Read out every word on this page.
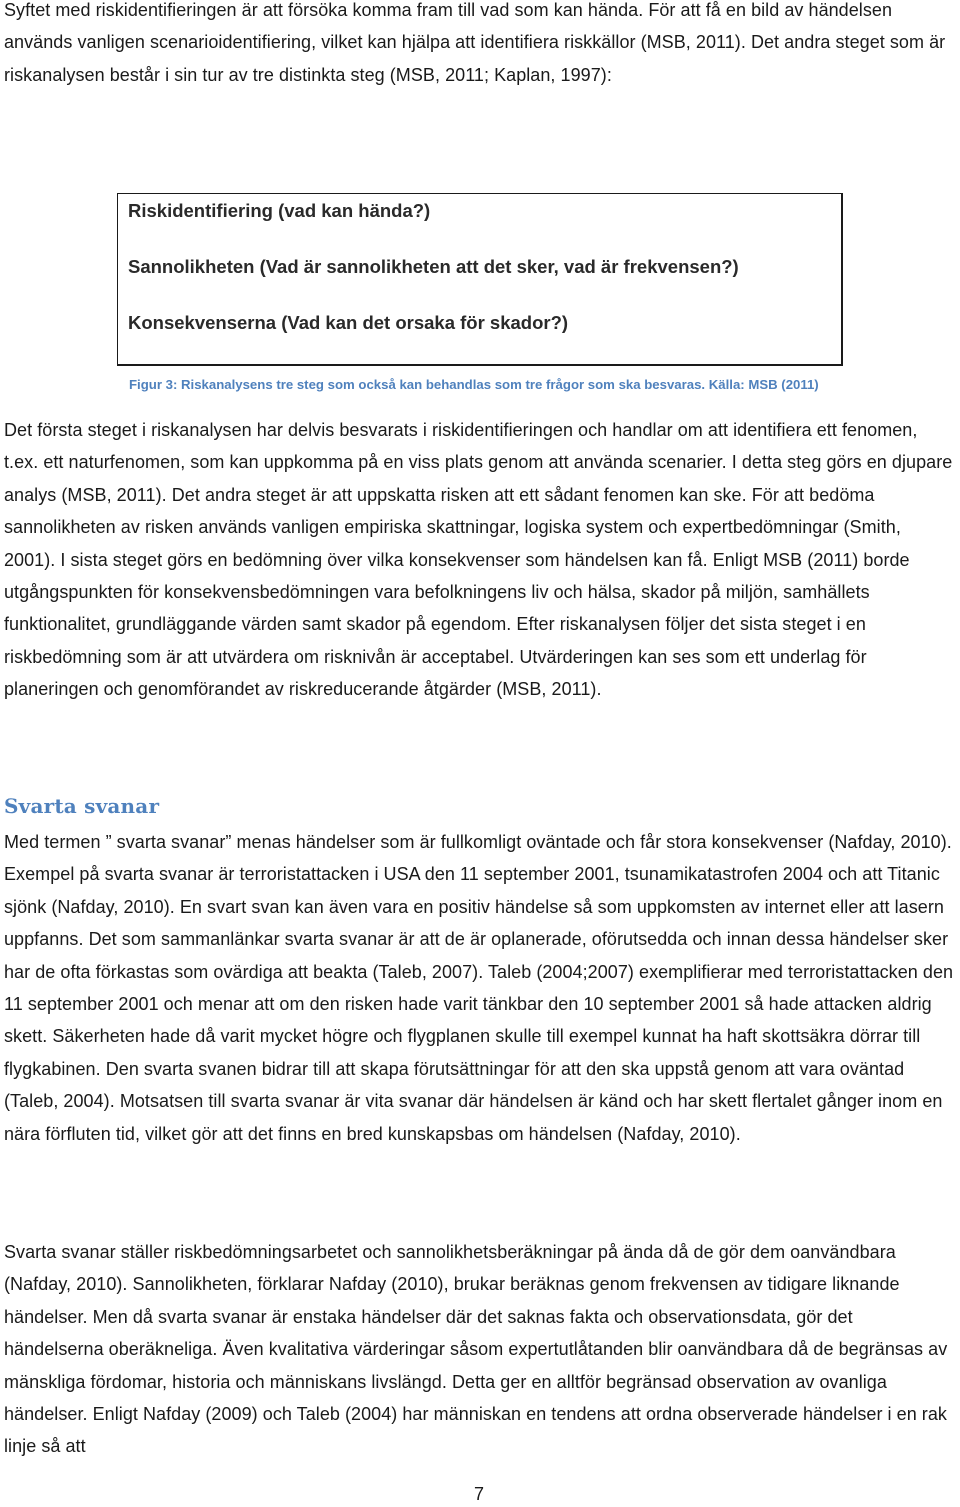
Syftet med riskidentifieringen är att försöka komma fram till vad som kan hända. För att få en bild av händelsen används vanligen scenarioidentifiering, vilket kan hjälpa att identifiera riskkällor (MSB, 2011). Det andra steget som är riskanalysen består i sin tur av tre distinkta steg (MSB, 2011; Kaplan, 1997):

Riskidentifiering (vad kan hända?)

Sannolikheten (Vad är sannolikheten att det sker, vad är frekvensen?)

Konsekvenserna (Vad kan det orsaka för skador?)

Figur 3: Riskanalysens tre steg som också kan behandlas som tre frågor som ska besvaras. Källa: MSB (2011)

Det första steget i riskanalysen har delvis besvarats i riskidentifieringen och handlar om att identifiera ett fenomen, t.ex. ett naturfenomen, som kan uppkomma på en viss plats genom att använda scenarier. I detta steg görs en djupare analys (MSB, 2011). Det andra steget är att uppskatta risken att ett sådant fenomen kan ske. För att bedöma sannolikheten av risken används vanligen empiriska skattningar, logiska system och expertbedömningar (Smith, 2001). I sista steget görs en bedömning över vilka konsekvenser som händelsen kan få. Enligt MSB (2011) borde utgångspunkten för konsekvensbedömningen vara befolkningens liv och hälsa, skador på miljön, samhällets funktionalitet, grundläggande värden samt skador på egendom. Efter riskanalysen följer det sista steget i en riskbedömning som är att utvärdera om risknivån är acceptabel. Utvärderingen kan ses som ett underlag för planeringen och genomförandet av riskreducerande åtgärder (MSB, 2011).

Svarta svanar

Med termen ” svarta svanar” menas händelser som är fullkomligt oväntade och får stora konsekvenser (Nafday, 2010). Exempel på svarta svanar är terroristattacken i USA den 11 september 2001, tsunamikatastrofen 2004 och att Titanic sjönk (Nafday, 2010). En svart svan kan även vara en positiv händelse så som uppkomsten av internet eller att lasern uppfanns. Det som sammanlänkar svarta svanar är att de är oplanerade, oförutsedda och innan dessa händelser sker har de ofta förkastas som ovärdiga att beakta (Taleb, 2007). Taleb (2004;2007) exemplifierar med terroristattacken den 11 september 2001 och menar att om den risken hade varit tänkbar den 10 september 2001 så hade attacken aldrig skett. Säkerheten hade då varit mycket högre och flygplanen skulle till exempel kunnat ha haft skottsäkra dörrar till flygkabinen. Den svarta svanen bidrar till att skapa förutsättningar för att den ska uppstå genom att vara oväntad (Taleb, 2004). Motsatsen till svarta svanar är vita svanar där händelsen är känd och har skett flertalet gånger inom en nära förfluten tid, vilket gör att det finns en bred kunskapsbas om händelsen (Nafday, 2010).

Svarta svanar ställer riskbedömningsarbetet och sannolikhetsberäkningar på ända då de gör dem oanvändbara (Nafday, 2010). Sannolikheten, förklarar Nafday (2010), brukar beräknas genom frekvensen av tidigare liknande händelser. Men då svarta svanar är enstaka händelser där det saknas fakta och observationsdata, gör det händelserna oberäkneliga. Även kvalitativa värderingar såsom expertutlåtanden blir oanvändbara då de begränsas av mänskliga fördomar, historia och människans livslängd. Detta ger en alltför begränsad observation av ovanliga händelser. Enligt Nafday (2009) och Taleb (2004) har människan en tendens att ordna observerade händelser i en rak linje så att

7
